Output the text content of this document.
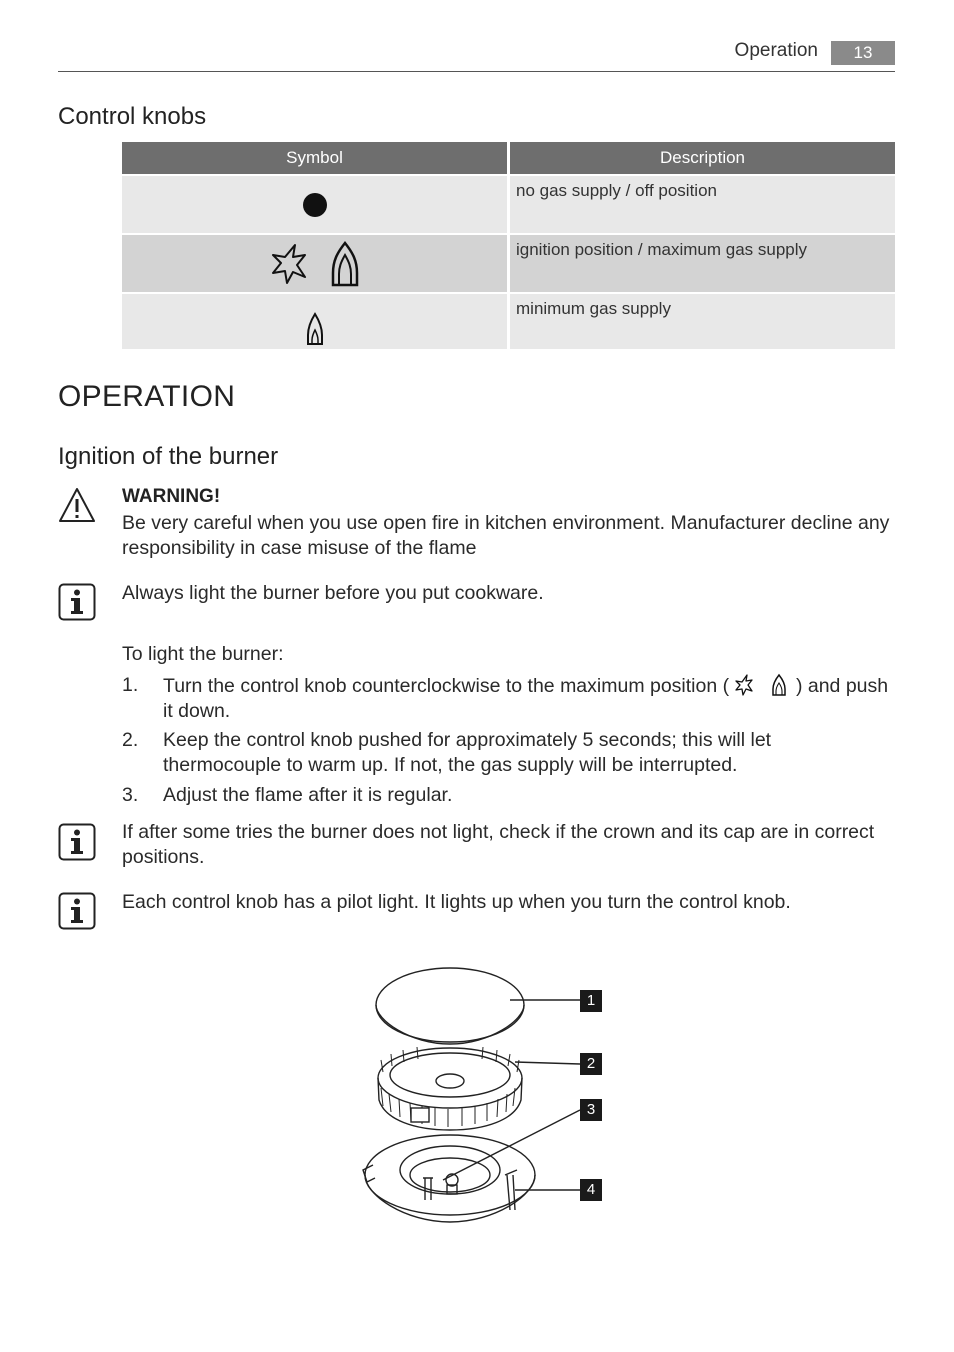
Operation	13
Control knobs
Symbol	Description
no gas supply / off position
ignition position / maximum gas supply
minimum gas supply
OPERATION
Ignition of the burner
WARNING!
Be very careful when you use open fire in kitchen environment. Manufacturer decline any responsibility in case misuse of the flame
Always light the burner before you put cookware.
To light the burner:
1. Turn the control knob counterclockwise to the maximum position (	) and push it down.
2. Keep the control knob pushed for approximately 5 seconds; this will let thermocouple to warm up. If not, the gas supply will be interrupted.
3. Adjust the flame after it is regular.
If after some tries the burner does not light, check if the crown and its cap are in correct positions.
Each control knob has a pilot light. It lights up when you turn the control knob.
1
2
3
4
